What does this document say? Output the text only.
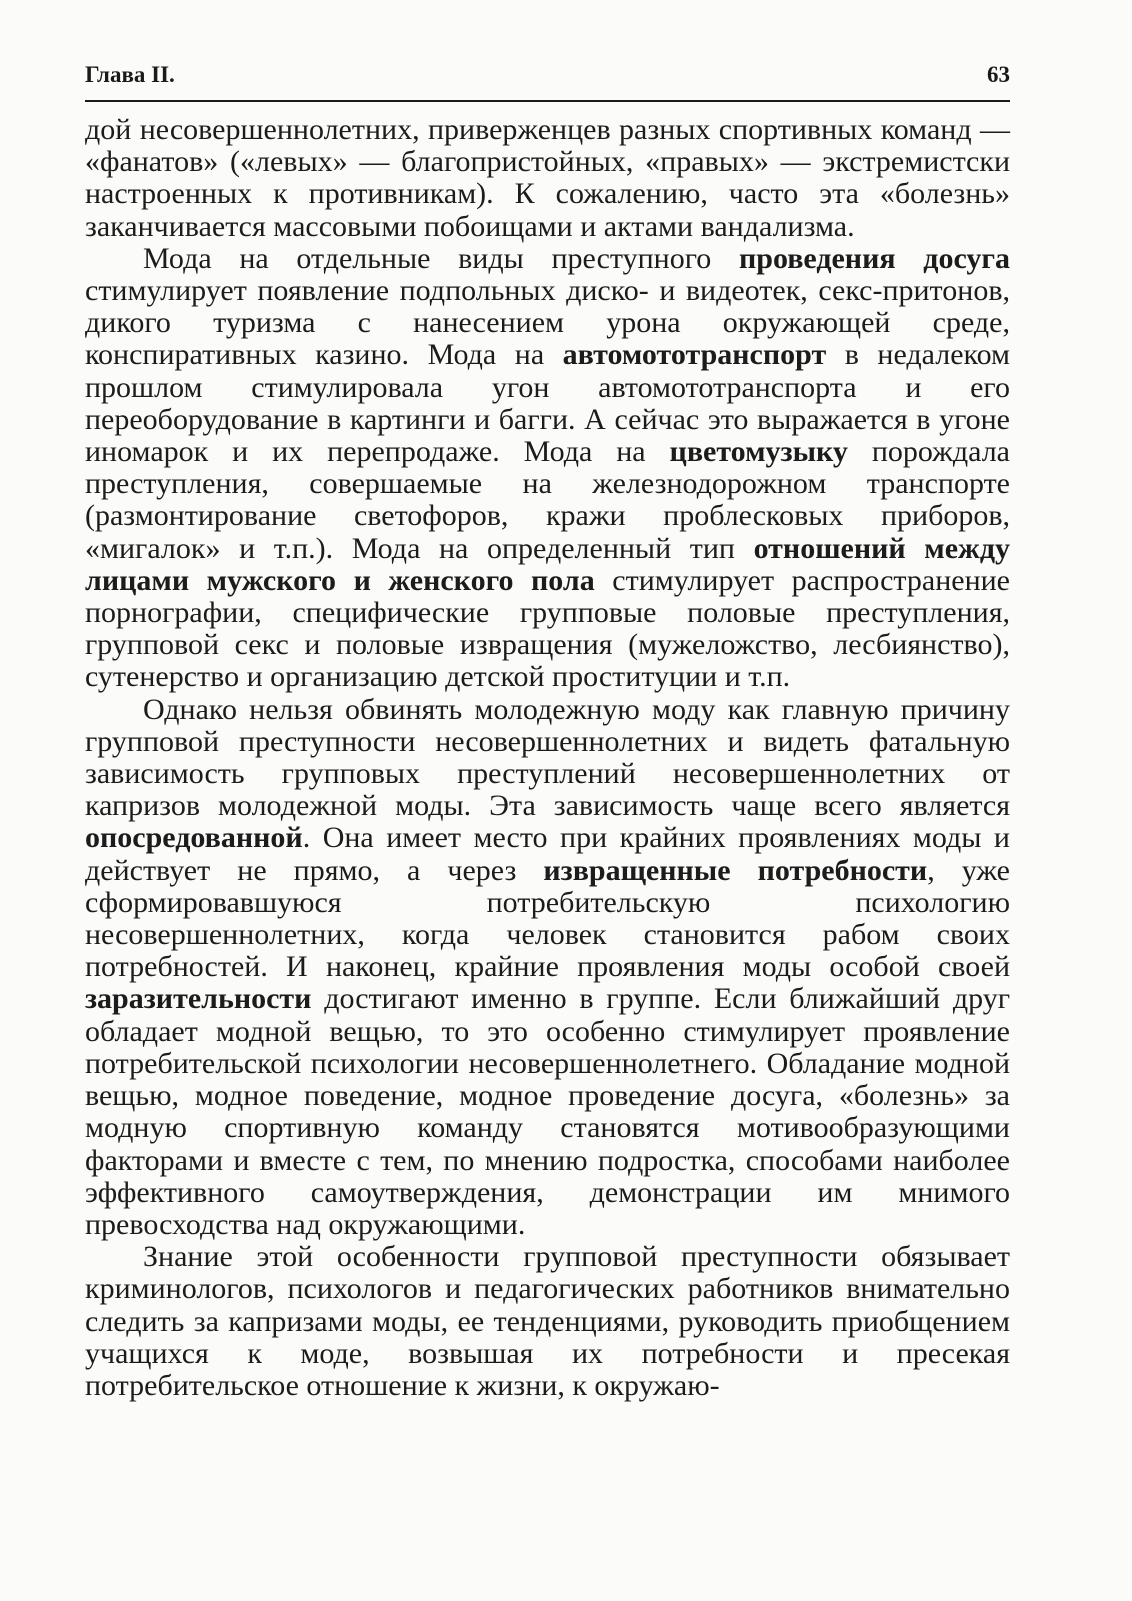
Глава II.	63

дой несовершеннолетних, приверженцев разных спортивных команд — «фанатов» («левых» — благопристойных, «правых» — экстремистски настроенных к противникам). К сожалению, часто эта «болезнь» заканчивается массовыми побоищами и актами вандализма.

Мода на отдельные виды преступного проведения досуга стимулирует появление подпольных диско- и видеотек, секс-притонов, дикого туризма с нанесением урона окружающей среде, конспиративных казино. Мода на автомототранспорт в недалеком прошлом стимулировала угон автомототранспорта и его переоборудование в картинги и багги. А сейчас это выражается в угоне иномарок и их перепродаже. Мода на цветомузыку порождала преступления, совершаемые на железнодорожном транспорте (размонтирование светофоров, кражи проблесковых приборов, «мигалок» и т.п.). Мода на определенный тип отношений между лицами мужского и женского пола стимулирует распространение порнографии, специфические групповые половые преступления, групповой секс и половые извращения (мужеложство, лесбиянство), сутенерство и организацию детской проституции и т.п.

Однако нельзя обвинять молодежную моду как главную причину групповой преступности несовершеннолетних и видеть фатальную зависимость групповых преступлений несовершеннолетних от капризов молодежной моды. Эта зависимость чаще всего является опосредованной. Она имеет место при крайних проявлениях моды и действует не прямо, а через извращенные потребности, уже сформировавшуюся потребительскую психологию несовершеннолетних, когда человек становится рабом своих потребностей. И наконец, крайние проявления моды особой своей заразительности достигают именно в группе. Если ближайший друг обладает модной вещью, то это особенно стимулирует проявление потребительской психологии несовершеннолетнего. Обладание модной вещью, модное поведение, модное проведение досуга, «болезнь» за модную спортивную команду становятся мотивообразующими факторами и вместе с тем, по мнению подростка, способами наиболее эффективного самоутверждения, демонстрации им мнимого превосходства над окружающими.

Знание этой особенности групповой преступности обязывает криминологов, психологов и педагогических работников внимательно следить за капризами моды, ее тенденциями, руководить приобщением учащихся к моде, возвышая их потребности и пресекая потребительское отношение к жизни, к окружаю-
